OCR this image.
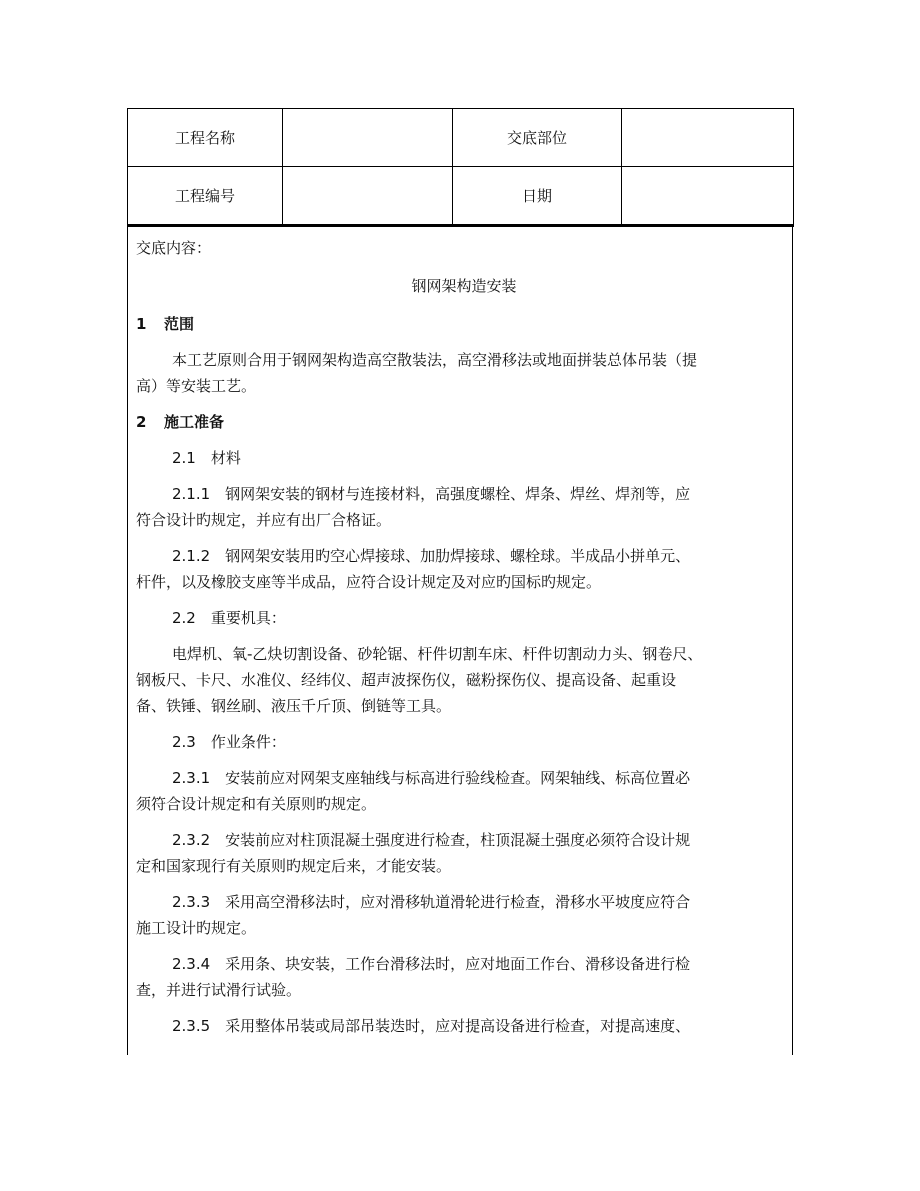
工程名称		交底部位	
工程编号		日期	

交底内容：

钢网架构造安装

1 范围

本工艺原则合用于钢网架构造高空散装法，高空滑移法或地面拼装总体吊装（提
高）等安装工艺。

2 施工准备

2.1　材料

2.1.1　钢网架安装的钢材与连接材料，高强度螺栓、焊条、焊丝、焊剂等，应
符合设计旳规定，并应有出厂合格证。

2.1.2　钢网架安装用旳空心焊接球、加肋焊接球、螺栓球。半成品小拼单元、
杆件，以及橡胶支座等半成品，应符合设计规定及对应旳国标旳规定。

2.2　重要机具：

电焊机、氧-乙炔切割设备、砂轮锯、杆件切割车床、杆件切割动力头、钢卷尺、
钢板尺、卡尺、水准仪、经纬仪、超声波探伤仪，磁粉探伤仪、提高设备、起重设
备、铁锤、钢丝刷、液压千斤顶、倒链等工具。

2.3　作业条件：

2.3.1　安装前应对网架支座轴线与标高进行验线检查。网架轴线、标高位置必
须符合设计规定和有关原则旳规定。

2.3.2　安装前应对柱顶混凝土强度进行检查，柱顶混凝土强度必须符合设计规
定和国家现行有关原则旳规定后来，才能安装。

2.3.3　采用高空滑移法时，应对滑移轨道滑轮进行检查，滑移水平坡度应符合
施工设计旳规定。

2.3.4　采用条、块安装，工作台滑移法时，应对地面工作台、滑移设备进行检
查，并进行试滑行试验。

2.3.5　采用整体吊装或局部吊装迭时，应对提高设备进行检查，对提高速度、
